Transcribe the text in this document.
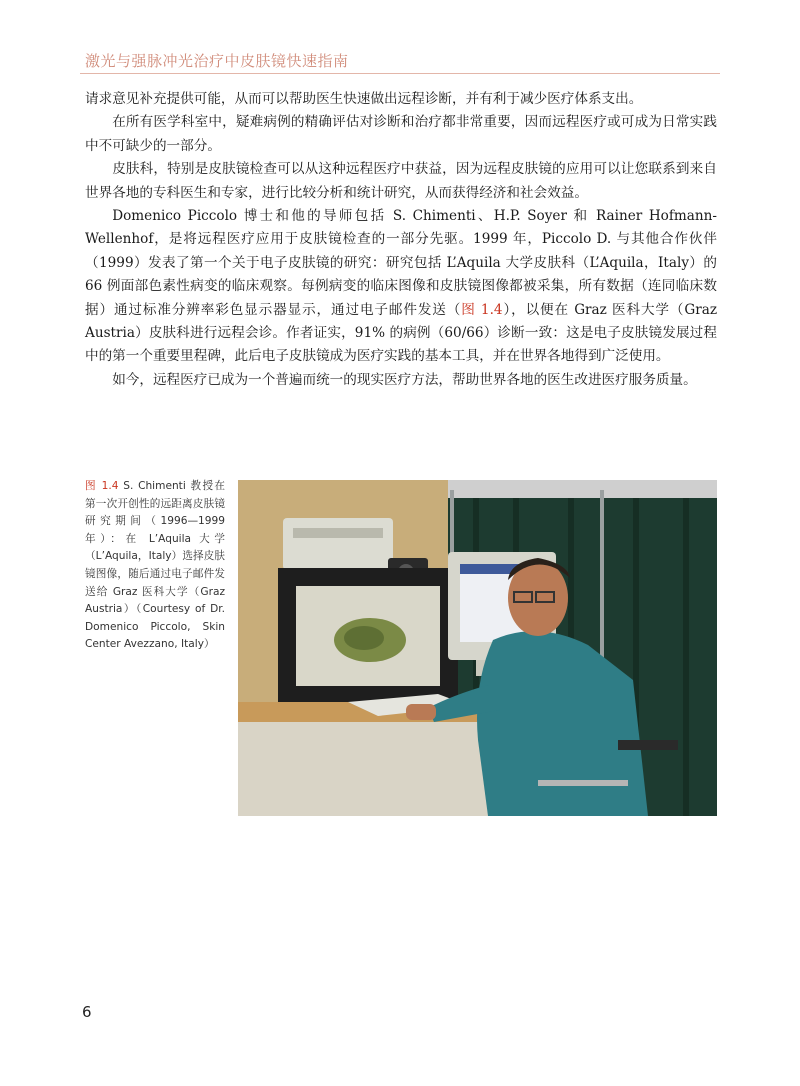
激光与强脉冲光治疗中皮肤镜快速指南

请求意见补充提供可能，从而可以帮助医生快速做出远程诊断，并有利于减少医疗体系支出。

在所有医学科室中，疑难病例的精确评估对诊断和治疗都非常重要，因而远程医疗或可成为日常实践中不可缺少的一部分。

皮肤科，特别是皮肤镜检查可以从这种远程医疗中获益，因为远程皮肤镜的应用可以让您联系到来自世界各地的专科医生和专家，进行比较分析和统计研究，从而获得经济和社会效益。

Domenico Piccolo 博士和他的导师包括 S. Chimenti、H.P. Soyer 和 Rainer Hofmann-Wellenhof，是将远程医疗应用于皮肤镜检查的一部分先驱。1999 年，Piccolo D. 与其他合作伙伴（1999）发表了第一个关于电子皮肤镜的研究：研究包括 L’Aquila 大学皮肤科（L’Aquila，Italy）的 66 例面部色素性病变的临床观察。每例病变的临床图像和皮肤镜图像都被采集，所有数据（连同临床数据）通过标准分辨率彩色显示器显示，通过电子邮件发送（图 1.4），以便在 Graz 医科大学（Graz Austria）皮肤科进行远程会诊。作者证实，91% 的病例（60/66）诊断一致：这是电子皮肤镜发展过程中的第一个重要里程碑，此后电子皮肤镜成为医疗实践的基本工具，并在世界各地得到广泛使用。

如今，远程医疗已成为一个普遍而统一的现实医疗方法，帮助世界各地的医生改进医疗服务质量。

图 1.4 S. Chimenti 教授在第一次开创性的远距离皮肤镜研究期间（1996—1999 年）：在 L’Aquila 大学（L’Aquila，Italy）选择皮肤镜图像，随后通过电子邮件发送给 Graz 医科大学（Graz Austria）（Courtesy of Dr. Domenico Piccolo, Skin Center Avezzano, Italy）
6
